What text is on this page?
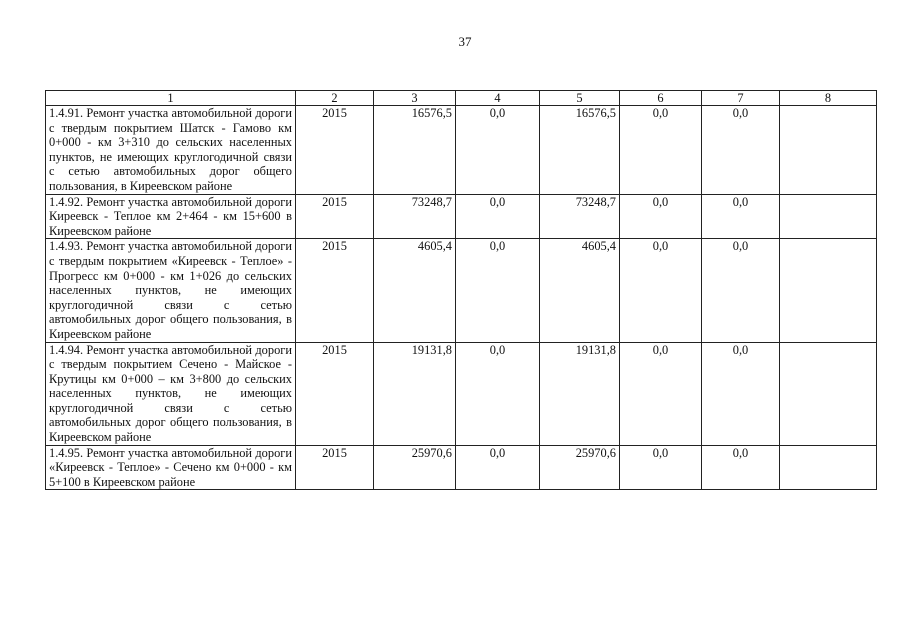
37
1	2	3	4	5	6	7	8
1.4.91. Ремонт участка автомобильной дороги с твердым покрытием Шатск - Гамово км 0+000 - км 3+310 до сельских населенных пунктов, не имеющих круглогодичной связи с сетью автомобильных дорог общего пользования, в Киреевском районе	2015	16576,5	0,0	16576,5	0,0	0,0	
1.4.92. Ремонт участка автомобильной дороги Киреевск - Теплое км 2+464 - км 15+600 в Киреевском районе	2015	73248,7	0,0	73248,7	0,0	0,0	
1.4.93. Ремонт участка автомобильной дороги с твердым покрытием «Киреевск - Теплое» - Прогресс км 0+000 - км 1+026 до сельских населенных пунктов, не имеющих круглогодичной связи с сетью автомобильных дорог общего пользования, в Киреевском районе	2015	4605,4	0,0	4605,4	0,0	0,0	
1.4.94. Ремонт участка автомобильной дороги с твердым покрытием Сечено - Майское - Крутицы км 0+000 – км 3+800 до сельских населенных пунктов, не имеющих круглогодичной связи с сетью автомобильных дорог общего пользования, в Киреевском районе	2015	19131,8	0,0	19131,8	0,0	0,0	
1.4.95. Ремонт участка автомобильной дороги «Киреевск - Теплое» - Сечено км 0+000 - км 5+100 в Киреевском районе	2015	25970,6	0,0	25970,6	0,0	0,0	
